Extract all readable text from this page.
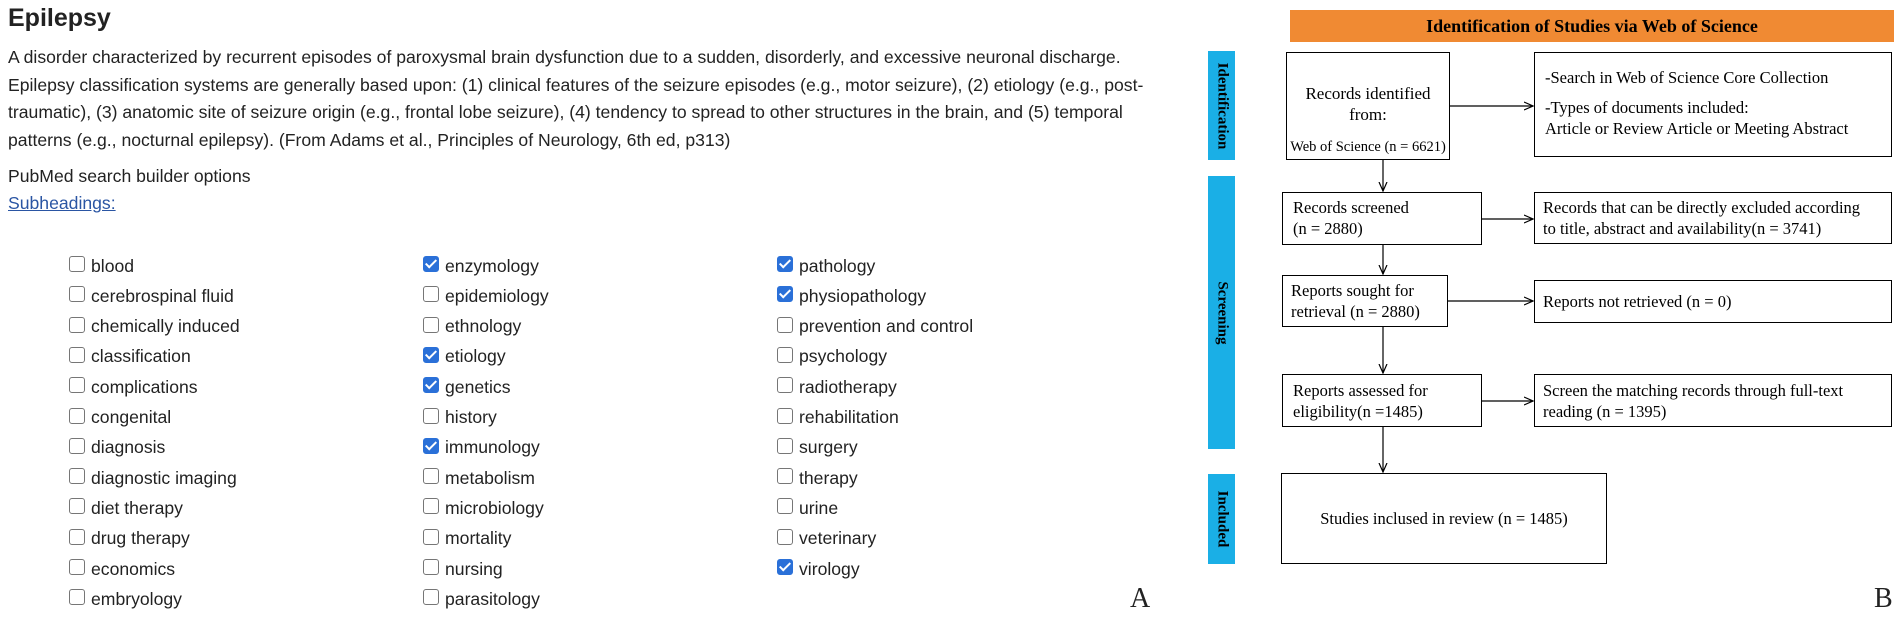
Epilepsy
A disorder characterized by recurrent episodes of paroxysmal brain dysfunction due to a sudden, disorderly, and excessive neuronal discharge. Epilepsy classification systems are generally based upon: (1) clinical features of the seizure episodes (e.g., motor seizure), (2) etiology (e.g., post-traumatic), (3) anatomic site of seizure origin (e.g., frontal lobe seizure), (4) tendency to spread to other structures in the brain, and (5) temporal patterns (e.g., nocturnal epilepsy). (From Adams et al., Principles of Neurology, 6th ed, p313)
PubMed search builder options
Subheadings:
blood
cerebrospinal fluid
chemically induced
classification
complications
congenital
diagnosis
diagnostic imaging
diet therapy
drug therapy
economics
embryology
enzymology
epidemiology
ethnology
etiology
genetics
history
immunology
metabolism
microbiology
mortality
nursing
parasitology
pathology
physiopathology
prevention and control
psychology
radiotherapy
rehabilitation
surgery
therapy
urine
veterinary
virology
A
Identification
Screening
Included
Identification of Studies via Web of Science
Records identified from:
Web of Science (n = 6621)
-Search in Web of Science Core Collection
-Types of documents included:
Article or Review Article or Meeting Abstract
Records screened
(n = 2880)
Records that can be directly excluded according
to title, abstract and availability(n = 3741)
Reports sought for
retrieval (n = 2880)
Reports not retrieved (n = 0)
Reports assessed for
eligibility(n =1485)
Screen the matching records through full-text
reading (n = 1395)
Studies inclused in review (n = 1485)
B
